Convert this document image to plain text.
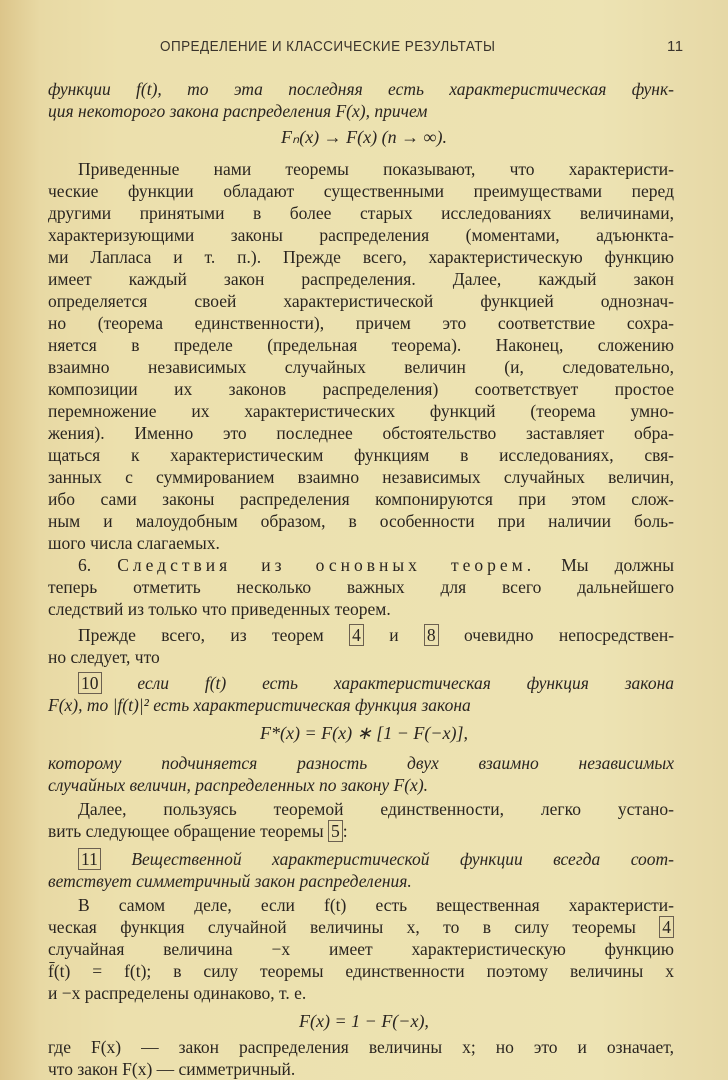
ОПРЕДЕЛЕНИЕ И КЛАССИЧЕСКИЕ РЕЗУЛЬТАТЫ	11
функции f(t), то эта последняя есть характеристическая функ-
ция некоторого закона распределения F(x), причем
Fₙ(x) → F(x) (n → ∞).
Приведенные нами теоремы показывают, что характеристи-
ческие функции обладают существенными преимуществами перед
другими принятыми в более старых исследованиях величинами,
характеризующими законы распределения (моментами, адъюнкта-
ми Лапласа и т. п.). Прежде всего, характеристическую функцию
имеет каждый закон распределения. Далее, каждый закон
определяется своей характеристической функцией однознач-
но (теорема единственности), причем это соответствие сохра-
няется в пределе (предельная теорема). Наконец, сложению
взаимно независимых случайных величин (и, следовательно,
композиции их законов распределения) соответствует простое
перемножение их характеристических функций (теорема умно-
жения). Именно это последнее обстоятельство заставляет обра-
щаться к характеристическим функциям в исследованиях, свя-
занных с суммированием взаимно независимых случайных величин,
ибо сами законы распределения компонируются при этом слож-
ным и малоудобным образом, в особенности при наличии боль-
шого числа слагаемых.
6. Следствия из основных теорем. Мы должны
теперь отметить несколько важных для всего дальнейшего
следствий из только что приведенных теорем.
Прежде всего, из теорем 4 и 8 очевидно непосредствен-
но следует, что
10 если f(t) есть характеристическая функция закона
F(x), то |f(t)|² есть характеристическая функция закона
F*(x) = F(x) ∗ [1 − F(−x)],
которому подчиняется разность двух взаимно независимых
случайных величин, распределенных по закону F(x).
Далее, пользуясь теоремой единственности, легко устано-
вить следующее обращение теоремы 5 :
11 Вещественной характеристической функции всегда соот-
ветствует симметричный закон распределения.
В самом деле, если f(t) есть вещественная характеристи-
ческая функция случайной величины x, то в силу теоремы 4
случайная величина −x имеет характеристическую функцию
f̄(t) = f(t); в силу теоремы единственности поэтому величины x
и −x распределены одинаково, т. е.
F(x) = 1 − F(−x),
где F(x) — закон распределения величины x; но это и означает,
что закон F(x) — симметричный.
